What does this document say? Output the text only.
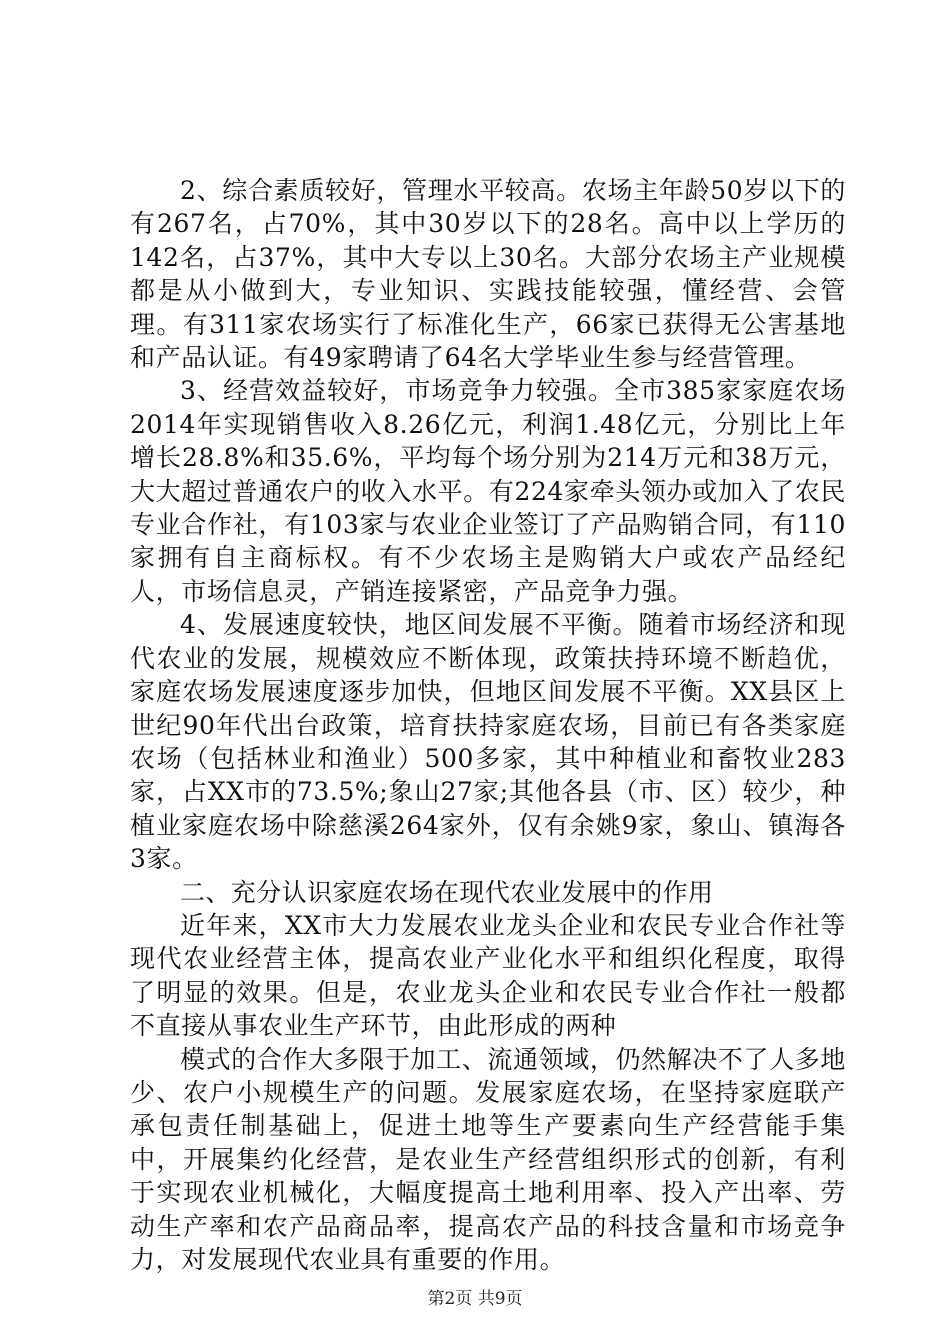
2、综合素质较好，管理水平较高。农场主年龄50岁以下的有267名，占70%，其中30岁以下的28名。高中以上学历的142名，占37%，其中大专以上30名。大部分农场主产业规模都是从小做到大，专业知识、实践技能较强，懂经营、会管理。有311家农场实行了标准化生产，66家已获得无公害基地和产品认证。有49家聘请了64名大学毕业生参与经营管理。

3、经营效益较好，市场竞争力较强。全市385家家庭农场2014年实现销售收入8.26亿元，利润1.48亿元，分别比上年增长28.8%和35.6%，平均每个场分别为214万元和38万元，大大超过普通农户的收入水平。有224家牵头领办或加入了农民专业合作社，有103家与农业企业签订了产品购销合同，有110家拥有自主商标权。有不少农场主是购销大户或农产品经纪人，市场信息灵，产销连接紧密，产品竞争力强。

4、发展速度较快，地区间发展不平衡。随着市场经济和现代农业的发展，规模效应不断体现，政策扶持环境不断趋优，家庭农场发展速度逐步加快，但地区间发展不平衡。XX县区上世纪90年代出台政策，培育扶持家庭农场，目前已有各类家庭农场（包括林业和渔业）500多家，其中种植业和畜牧业283家，占XX市的73.5%;象山27家;其他各县（市、区）较少，种植业家庭农场中除慈溪264家外，仅有余姚9家，象山、镇海各3家。

二、充分认识家庭农场在现代农业发展中的作用

近年来，XX市大力发展农业龙头企业和农民专业合作社等现代农业经营主体，提高农业产业化水平和组织化程度，取得了明显的效果。但是，农业龙头企业和农民专业合作社一般都不直接从事农业生产环节，由此形成的两种

模式的合作大多限于加工、流通领域，仍然解决不了人多地少、农户小规模生产的问题。发展家庭农场，在坚持家庭联产承包责任制基础上，促进土地等生产要素向生产经营能手集中，开展集约化经营，是农业生产经营组织形式的创新，有利于实现农业机械化，大幅度提高土地利用率、投入产出率、劳动生产率和农产品商品率，提高农产品的科技含量和市场竞争力，对发展现代农业具有重要的作用。

第2页 共9页
